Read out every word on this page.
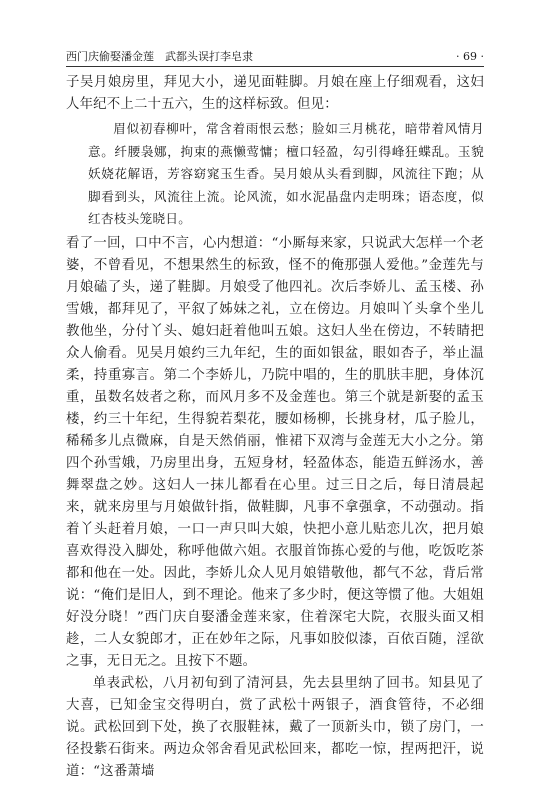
西门庆偷娶潘金莲　武都头误打李皂隶	· 69 ·

子吴月娘房里，拜见大小，递见面鞋脚。月娘在座上仔细观看，这妇人年纪不上二十五六，生的这样标致。但见：

眉似初春柳叶，常含着雨恨云愁；脸如三月桃花，暗带着风情月意。纤腰袅娜，拘束的燕懒莺慵；檀口轻盈，勾引得峰狂蝶乱。玉貌妖娆花解语，芳容窈窕玉生香。吴月娘从头看到脚，风流往下跑；从脚看到头，风流往上流。论风流，如水泥晶盘内走明珠；语态度，似红杏枝头笼晓日。

看了一回，口中不言，心内想道：“小厮每来家，只说武大怎样一个老婆，不曾看见，不想果然生的标致，怪不的俺那强人爱他。”金莲先与月娘磕了头，递了鞋脚。月娘受了他四礼。次后李娇儿、孟玉楼、孙雪娥，都拜见了，平叙了姊妹之礼，立在傍边。月娘叫丫头拿个坐儿教他坐，分付丫头、媳妇赶着他叫五娘。这妇人坐在傍边，不转睛把众人偷看。见吴月娘约三九年纪，生的面如银盆，眼如杏子，举止温柔，持重寡言。第二个李娇儿，乃院中唱的，生的肌肤丰肥，身体沉重，虽数名妓者之称，而风月多不及金莲也。第三个就是新娶的孟玉楼，约三十年纪，生得貌若梨花，腰如杨柳，长挑身材，瓜子脸儿，稀稀多儿点微麻，自是天然俏丽，惟裙下双湾与金莲无大小之分。第四个孙雪娥，乃房里出身，五短身材，轻盈体态，能造五鲜汤水，善舞翠盘之妙。这妇人一抹儿都看在心里。过三日之后，每日清晨起来，就来房里与月娘做针指，做鞋脚，凡事不拿强拿，不动强动。指着丫头赶着月娘，一口一声只叫大娘，快把小意儿贴恋儿次，把月娘喜欢得没入脚处，称呼他做六姐。衣服首饰拣心爱的与他，吃饭吃茶都和他在一处。因此，李娇儿众人见月娘错敬他，都气不忿，背后常说：“俺们是旧人，到不理论。他来了多少时，便这等惯了他。大姐姐好没分晓！”西门庆自娶潘金莲来家，住着深宅大院，衣服头面又相趁，二人女貌郎才，正在妙年之际，凡事如胶似漆，百依百随，淫欲之事，无日无之。且按下不题。

单表武松，八月初旬到了清河县，先去县里纳了回书。知县见了大喜，已知金宝交得明白，赏了武松十两银子，酒食管待，不必细说。武松回到下处，换了衣服鞋袜，戴了一顶新头巾，锁了房门，一径投紫石街来。两边众邻舍看见武松回来，都吃一惊，捏两把汗，说道：“这番萧墙
